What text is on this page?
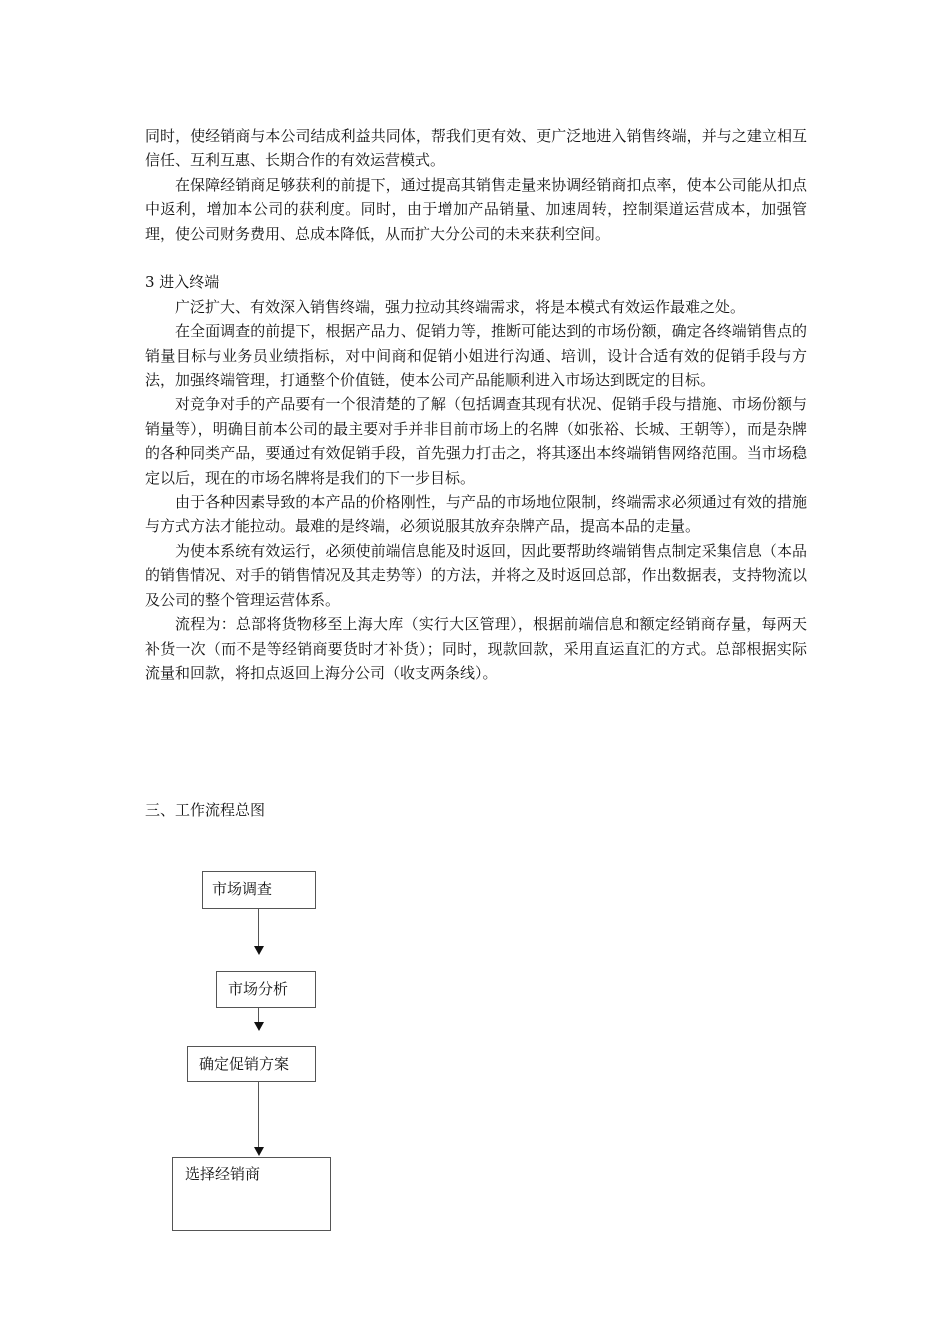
同时，使经销商与本公司结成利益共同体，帮我们更有效、更广泛地进入销售终端，并与之建立相互信任、互利互惠、长期合作的有效运营模式。

在保障经销商足够获利的前提下，通过提高其销售走量来协调经销商扣点率，使本公司能从扣点中返利，增加本公司的获利度。同时，由于增加产品销量、加速周转，控制渠道运营成本，加强管理，使公司财务费用、总成本降低，从而扩大分公司的未来获利空间。

3 进入终端

广泛扩大、有效深入销售终端，强力拉动其终端需求，将是本模式有效运作最难之处。

在全面调查的前提下，根据产品力、促销力等，推断可能达到的市场份额，确定各终端销售点的销量目标与业务员业绩指标，对中间商和促销小姐进行沟通、培训，设计合适有效的促销手段与方法，加强终端管理，打通整个价值链，使本公司产品能顺利进入市场达到既定的目标。

对竞争对手的产品要有一个很清楚的了解（包括调查其现有状况、促销手段与措施、市场份额与销量等），明确目前本公司的最主要对手并非目前市场上的名牌（如张裕、长城、王朝等），而是杂牌的各种同类产品，要通过有效促销手段，首先强力打击之，将其逐出本终端销售网络范围。当市场稳定以后，现在的市场名牌将是我们的下一步目标。

由于各种因素导致的本产品的价格刚性，与产品的市场地位限制，终端需求必须通过有效的措施与方式方法才能拉动。最难的是终端，必须说服其放弃杂牌产品，提高本品的走量。

为使本系统有效运行，必须使前端信息能及时返回，因此要帮助终端销售点制定采集信息（本品的销售情况、对手的销售情况及其走势等）的方法，并将之及时返回总部，作出数据表，支持物流以及公司的整个管理运营体系。

流程为：总部将货物移至上海大库（实行大区管理），根据前端信息和额定经销商存量，每两天补货一次（而不是等经销商要货时才补货）；同时，现款回款，采用直运直汇的方式。总部根据实际流量和回款，将扣点返回上海分公司（收支两条线）。

三、工作流程总图

市场调查
市场分析
确定促销方案
选择经销商
